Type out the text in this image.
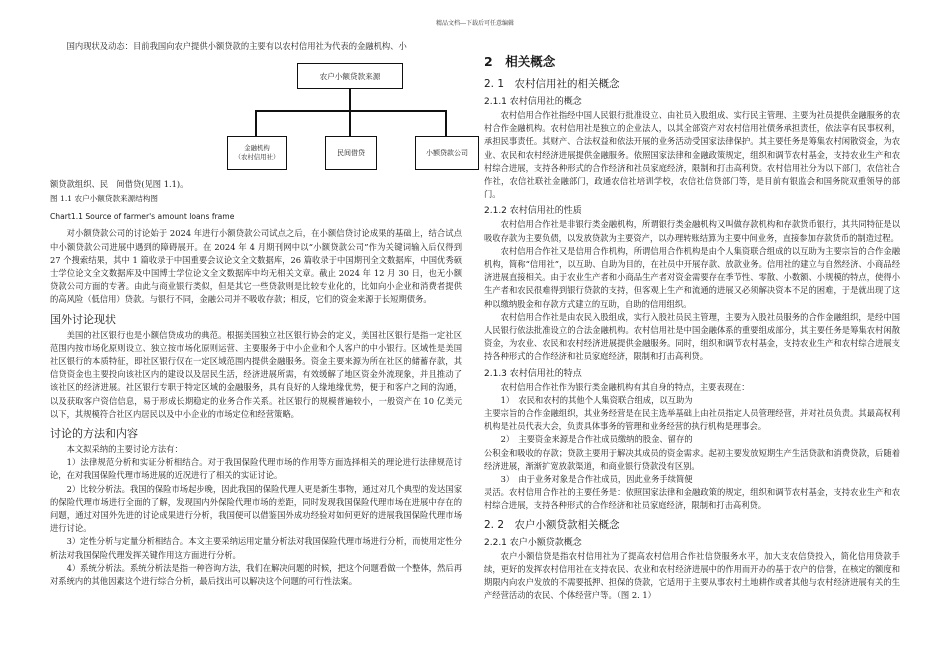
精品文档---下载后可任意编辑

国内现状及动态：目前我国向农户提供小额贷款的主要有以农村信用社为代表的金融机构、小

农户小额贷款来源
金融机构
（农村信用社）
民间借贷	小额贷款公司

额贷款组织、民　间借贷(见图 1.1)。

图 1.1 农户小额贷款来源结构图

Chart1.1 Source of farmer's amount loans frame

对小额贷款公司的讨论始于 2024 年进行小额贷款公司试点之后，在小额信贷讨论成果的基础上，结合试点中小额贷款公司进展中遇到的障碍展开。在 2024 年 4 月期刊网中以“小额贷款公司”作为关键词输入后仅得到 27 个搜索结果，其中 1 篇收录于中国重要会议论文全文数据库，26 篇收录于中国期刊全文数据库，中国优秀硕士学位论文全文数据库及中国博士学位论文全文数据库中均无相关文章。截止 2024 年 12 月 30 日，也无小额贷款公司方面的专著。由此与商业银行类似，但是其它一些贷款则是比较专业化的，比如向小企业和消费者提供的高风险（低信用）贷款。与银行不同，金融公司并不吸收存款；相反，它们的资金来源于长短期债务。

国外讨论现状

美国的社区银行也是小额信贷成功的典范。根据美国独立社区银行协会的定义，美国社区银行是指一定社区范围内按市场化原则设立、独立按市场化原则运营、主要服务于中小企业和个人客户的中小银行。区域性是美国社区银行的本质特征，即社区银行仅在一定区域范围内提供金融服务。资金主要来源为所在社区的储蓄存款，其信贷资金也主要投向该社区内的建设以及居民生活，经济进展所需，有效缓解了地区资金外流现象，并且推动了该社区的经济进展。社区银行专职于特定区域的金融服务，具有良好的人缘地缘优势，便于和客户之间的沟通，以及获取客户资信信息，易于形成长期稳定的业务合作关系。社区银行的规模普遍较小，一般资产在 10 亿美元以下，其规模符合社区内居民以及中小企业的市场定位和经营策略。

讨论的方法和内容

本文拟采纳的主要讨论方法有：

1）法律规范分析和实证分析相结合。对于我国保险代理市场的作用等方面选择相关的理论进行法律规范讨论，在对我国保险代理市场进展的近况进行了相关的实证讨论。

2）比较分析法。我国的保险市场起步晚，因此我国的保险代理人更是新生事物，通过对几个典型的发达国家的保险代理市场进行全面的了解，发现国内外保险代理市场的差距，同时发现我国保险代理市场在进展中存在的问题，通过对国外先进的讨论成果进行分析，我国便可以借鉴国外成功经验对如何更好的进展我国保险代理市场进行讨论。

3）定性分析与定量分析相结合。本文主要采纳运用定量分析法对我国保险代理市场进行分析，而使用定性分析法对我国保险代理发挥关键作用这方面进行分析。

4）系统分析法。系统分析法是指一种咨询方法，我们在解决问题的时候，把这个问题看做一个整体，然后再对系统内的其他因素这个进行综合分析，最后找出可以解决这个问题的可行性法案。

2　相关概念
2. 1　农村信用社的相关概念
2.1.1 农村信用社的概念

农村信用合作社指经中国人民银行批准设立、由社员入股组成、实行民主管理、主要为社员提供金融服务的农村合作金融机构。农村信用社是独立的企业法人，以其全部资产对农村信用社债务承担责任，依法享有民事权利，承担民事责任。其财产、合法权益和依法开展的业务活动受国家法律保护。其主要任务是筹集农村闲散资金，为农业、农民和农村经济进展提供金融服务。依照国家法律和金融政策规定，组织和调节农村基金，支持农业生产和农村综合进展，支持各种形式的合作经济和社员家庭经济，限制和打击高利贷。农村信用社分为以下部门，农信社合作社，农信社联社金融部门，政通农信社培训学校，农信社信贷部门等，是目前有银监会和国务院双重领导的部门。

2.1.2 农村信用社的性质

农村信用合作社是非银行类金融机构，所谓银行类金融机构又叫做存款机构和存款货币银行，其共同特征是以吸收存款为主要负债，以发放贷款为主要资产，以办理转账结算为主要中间业务，直接参加存款货币的制造过程。

农村信用合作社又是信用合作机构，所谓信用合作机构是由个人集资联合组成的以互助为主要宗旨的合作金融机构，简称“信用社”，以互助、自助为目的，在社员中开展存款、放款业务。信用社的建立与自然经济、小商品经济进展直接相关。由于农业生产者和小商品生产者对资金需要存在季节性、零散、小数额、小规模的特点，使得小生产者和农民很难得到银行贷款的支持，但客观上生产和流通的进展又必须解决资本不足的困难，于是就出现了这种以缴纳股金和存款方式建立的互助，自助的信用组织。

农村信用合作社是由农民入股组成，实行入股社员民主管理，主要为入股社员服务的合作金融组织，是经中国人民银行依法批准设立的合法金融机构。农村信用社是中国金融体系的重要组成部分，其主要任务是筹集农村闲散资金，为农业、农民和农村经济进展提供金融服务。同时，组织和调节农村基金，支持农业生产和农村综合进展支持各种形式的合作经济和社员家庭经济，限制和打击高利贷。

2.1.3 农村信用社的特点

农村信用合作社作为银行类金融机构有其自身的特点，主要表现在：

1）　农民和农村的其他个人集资联合组成，以互助为

主要宗旨的合作金融组织，其业务经营是在民主选举基础上由社员指定人员管理经营，并对社员负责。其最高权利机构是社员代表大会，负责具体事务的管理和业务经营的执行机构是理事会。

2）　主要资金来源是合作社成员缴纳的股金、留存的

公积金和吸收的存款；贷款主要用于解决其成员的资金需求。起初主要发放短期生产生活贷款和消费贷款，后随着经济进展，渐渐扩宽放款渠道，和商业银行贷款没有区别。

3）　由于业务对象是合作社成员，因此业务手续简便

灵活。农村信用合作社的主要任务是：依照国家法律和金融政策的规定，组织和调节农村基金，支持农业生产和农村综合进展，支持各种形式的合作经济和社员家庭经济，限制和打击高利贷。

2. 2　农户小额贷款相关概念
2.2.1 农户小额贷款概念

农户小额信贷是指农村信用社为了提高农村信用合作社信贷服务水平，加大支农信贷投入，简化信用贷款手续，更好的发挥农村信用社在支持农民、农业和农村经济进展中的作用而开办的基于农户的信誉，在核定的额度和期限内向农户发放的不需要抵押、担保的贷款，它适用于主要从事农村土地耕作或者其他与农村经济进展有关的生产经营活动的农民、个体经营户等。（图 2. 1）
